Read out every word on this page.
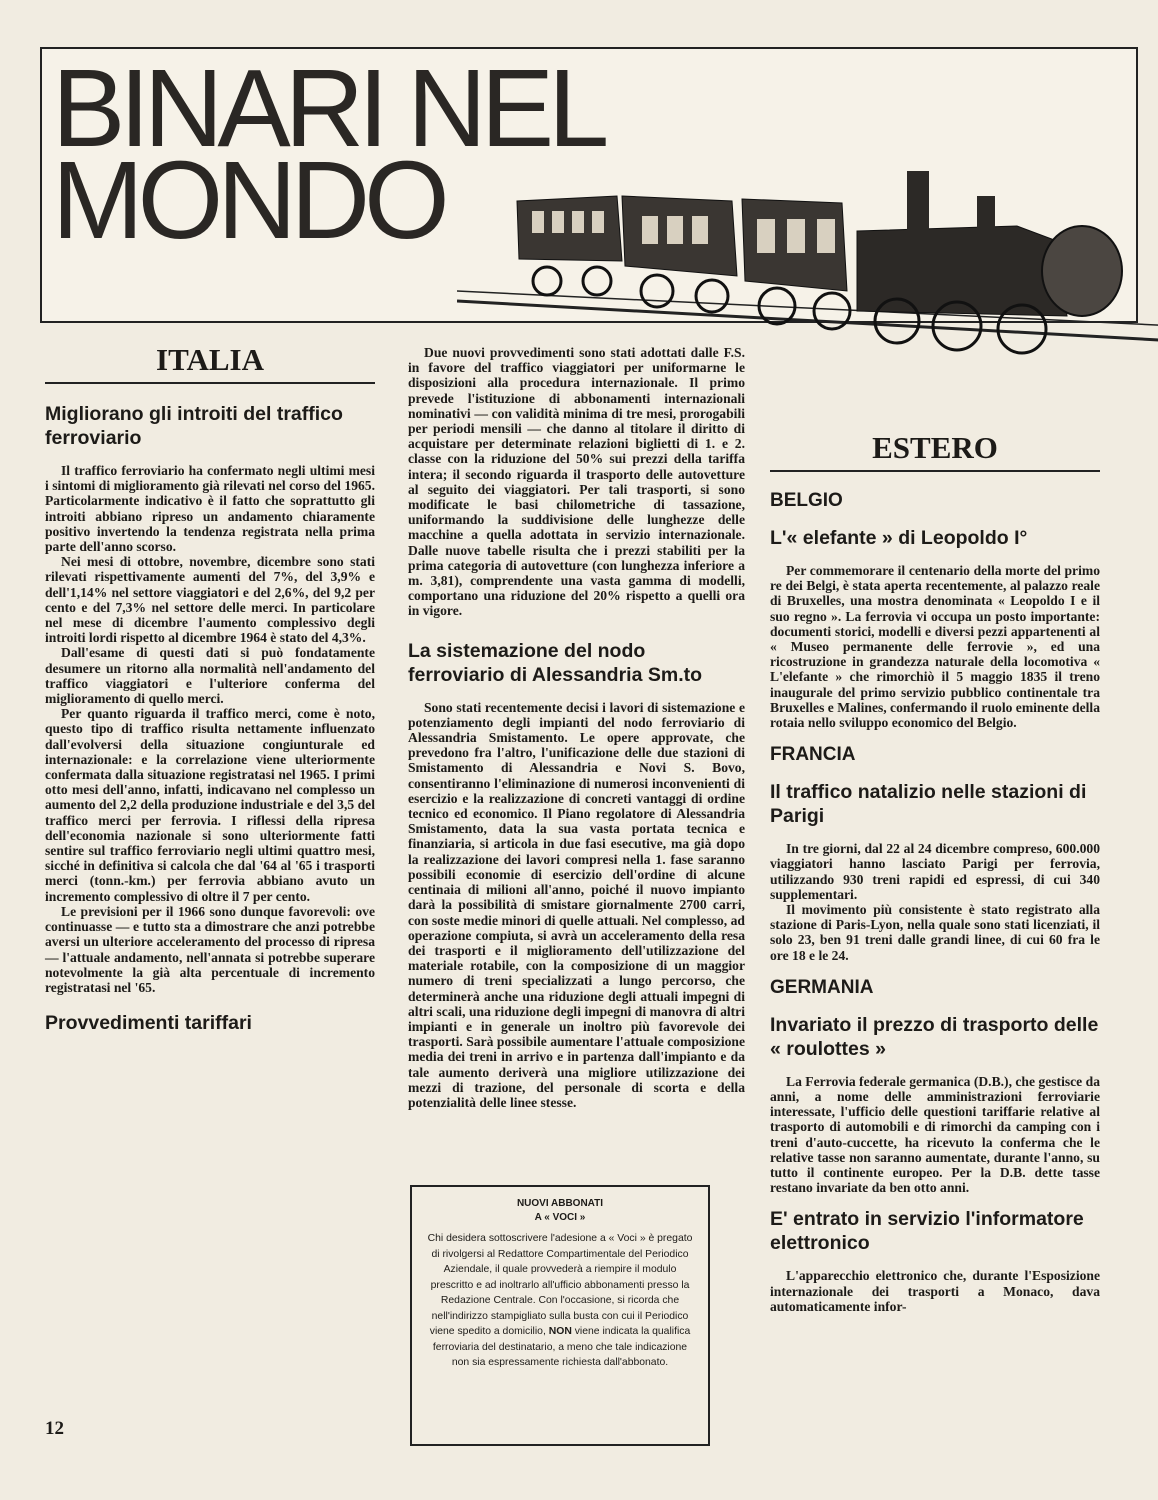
BINARI NEL
MONDO
ITALIA
Migliorano gli introiti del traffico ferroviario

Il traffico ferroviario ha confermato negli ultimi mesi i sintomi di miglioramento già rilevati nel corso del 1965. Particolarmente indicativo è il fatto che soprattutto gli introiti abbiano ripreso un andamento chiaramente positivo invertendo la tendenza registrata nella prima parte dell'anno scorso.

Nei mesi di ottobre, novembre, dicembre sono stati rilevati rispettivamente aumenti del 7%, del 3,9% e dell'1,14% nel settore viaggiatori e del 2,6%, del 9,2 per cento e del 7,3% nel settore delle merci. In particolare nel mese di dicembre l'aumento complessivo degli introiti lordi rispetto al dicembre 1964 è stato del 4,3%.

Dall'esame di questi dati si può fondatamente desumere un ritorno alla normalità nell'andamento del traffico viaggiatori e l'ulteriore conferma del miglioramento di quello merci.

Per quanto riguarda il traffico merci, come è noto, questo tipo di traffico risulta nettamente influenzato dall'evolversi della situazione congiunturale ed internazionale: e la correlazione viene ulteriormente confermata dalla situazione registratasi nel 1965. I primi otto mesi dell'anno, infatti, indicavano nel complesso un aumento del 2,2 della produzione industriale e del 3,5 del traffico merci per ferrovia. I riflessi della ripresa dell'economia nazionale si sono ulteriormente fatti sentire sul traffico ferroviario negli ultimi quattro mesi, sicché in definitiva si calcola che dal '64 al '65 i trasporti merci (tonn.-km.) per ferrovia abbiano avuto un incremento complessivo di oltre il 7 per cento.

Le previsioni per il 1966 sono dunque favorevoli: ove continuasse — e tutto sta a dimostrare che anzi potrebbe aversi un ulteriore acceleramento del processo di ripresa — l'attuale andamento, nell'annata si potrebbe superare notevolmente la già alta percentuale di incremento registratasi nel '65.

Provvedimenti tariffari

Due nuovi provvedimenti sono stati adottati dalle F.S. in favore del traffico viaggiatori per uniformarne le disposizioni alla procedura internazionale. Il primo prevede l'istituzione di abbonamenti internazionali nominativi — con validità minima di tre mesi, prorogabili per periodi mensili — che danno al titolare il diritto di acquistare per determinate relazioni biglietti di 1. e 2. classe con la riduzione del 50% sui prezzi della tariffa intera; il secondo riguarda il trasporto delle autovetture al seguito dei viaggiatori. Per tali trasporti, si sono modificate le basi chilometriche di tassazione, uniformando la suddivisione delle lunghezze delle macchine a quella adottata in servizio internazionale. Dalle nuove tabelle risulta che i prezzi stabiliti per la prima categoria di autovetture (con lunghezza inferiore a m. 3,81), comprendente una vasta gamma di modelli, comportano una riduzione del 20% rispetto a quelli ora in vigore.

La sistemazione del nodo ferroviario di Alessandria Sm.to

Sono stati recentemente decisi i lavori di sistemazione e potenziamento degli impianti del nodo ferroviario di Alessandria Smistamento. Le opere approvate, che prevedono fra l'altro, l'unificazione delle due stazioni di Smistamento di Alessandria e Novi S. Bovo, consentiranno l'eliminazione di numerosi inconvenienti di esercizio e la realizzazione di concreti vantaggi di ordine tecnico ed economico. Il Piano regolatore di Alessandria Smistamento, data la sua vasta portata tecnica e finanziaria, si articola in due fasi esecutive, ma già dopo la realizzazione dei lavori compresi nella 1. fase saranno possibili economie di esercizio dell'ordine di alcune centinaia di milioni all'anno, poiché il nuovo impianto darà la possibilità di smistare giornalmente 2700 carri, con soste medie minori di quelle attuali. Nel complesso, ad operazione compiuta, si avrà un acceleramento della resa dei trasporti e il miglioramento dell'utilizzazione del materiale rotabile, con la composizione di un maggior numero di treni specializzati a lungo percorso, che determinerà anche una riduzione degli attuali impegni di altri scali, una riduzione degli impegni di manovra di altri impianti e in generale un inoltro più favorevole dei trasporti. Sarà possibile aumentare l'attuale composizione media dei treni in arrivo e in partenza dall'impianto e da tale aumento deriverà una migliore utilizzazione dei mezzi di trazione, del personale di scorta e della potenzialità delle linee stesse.

NUOVI ABBONATI
A « VOCI »
Chi desidera sottoscrivere l'adesione a « Voci » è pregato di rivolgersi al Redattore Compartimentale del Periodico Aziendale, il quale provvederà a riempire il modulo prescritto e ad inoltrarlo all'ufficio abbonamenti presso la Redazione Centrale. Con l'occasione, si ricorda che nell'indirizzo stampigliato sulla busta con cui il Periodico viene spedito a domicilio, NON viene indicata la qualifica ferroviaria del destinatario, a meno che tale indicazione non sia espressamente richiesta dall'abbonato.
ESTERO
BELGIO
L'« elefante » di Leopoldo I°

Per commemorare il centenario della morte del primo re dei Belgi, è stata aperta recentemente, al palazzo reale di Bruxelles, una mostra denominata « Leopoldo I e il suo regno ». La ferrovia vi occupa un posto importante: documenti storici, modelli e diversi pezzi appartenenti al « Museo permanente delle ferrovie », ed una ricostruzione in grandezza naturale della locomotiva « L'elefante » che rimorchiò il 5 maggio 1835 il treno inaugurale del primo servizio pubblico continentale tra Bruxelles e Malines, confermando il ruolo eminente della rotaia nello sviluppo economico del Belgio.

FRANCIA
Il traffico natalizio nelle stazioni di Parigi

In tre giorni, dal 22 al 24 dicembre compreso, 600.000 viaggiatori hanno lasciato Parigi per ferrovia, utilizzando 930 treni rapidi ed espressi, di cui 340 supplementari.

Il movimento più consistente è stato registrato alla stazione di Paris-Lyon, nella quale sono stati licenziati, il solo 23, ben 91 treni dalle grandi linee, di cui 60 fra le ore 18 e le 24.

GERMANIA
Invariato il prezzo di trasporto delle « roulottes »

La Ferrovia federale germanica (D.B.), che gestisce da anni, a nome delle amministrazioni ferroviarie interessate, l'ufficio delle questioni tariffarie relative al trasporto di automobili e di rimorchi da camping con i treni d'auto-cuccette, ha ricevuto la conferma che le relative tasse non saranno aumentate, durante l'anno, su tutto il continente europeo. Per la D.B. dette tasse restano invariate da ben otto anni.

E' entrato in servizio l'informatore elettronico

L'apparecchio elettronico che, durante l'Esposizione internazionale dei trasporti a Monaco, dava automaticamente infor-

12
